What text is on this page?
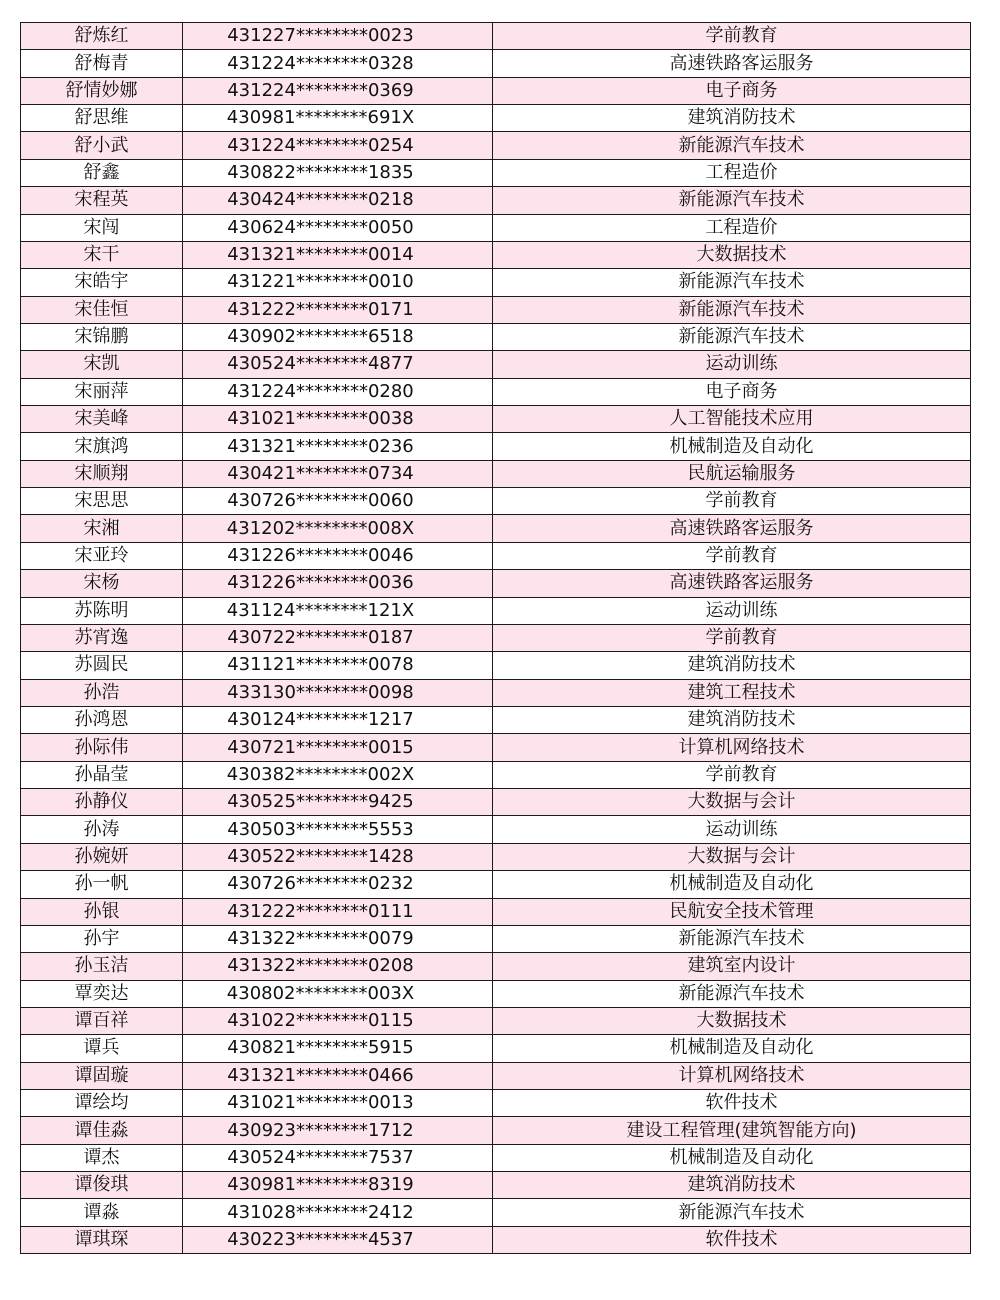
舒炼红	431227********0023	学前教育
舒梅青	431224********0328	高速铁路客运服务
舒情妙娜	431224********0369	电子商务
舒思维	430981********691X	建筑消防技术
舒小武	431224********0254	新能源汽车技术
舒鑫	430822********1835	工程造价
宋程英	430424********0218	新能源汽车技术
宋闯	430624********0050	工程造价
宋干	431321********0014	大数据技术
宋皓宇	431221********0010	新能源汽车技术
宋佳恒	431222********0171	新能源汽车技术
宋锦鹏	430902********6518	新能源汽车技术
宋凯	430524********4877	运动训练
宋丽萍	431224********0280	电子商务
宋美峰	431021********0038	人工智能技术应用
宋旗鸿	431321********0236	机械制造及自动化
宋顺翔	430421********0734	民航运输服务
宋思思	430726********0060	学前教育
宋湘	431202********008X	高速铁路客运服务
宋亚玲	431226********0046	学前教育
宋杨	431226********0036	高速铁路客运服务
苏陈明	431124********121X	运动训练
苏宵逸	430722********0187	学前教育
苏圆民	431121********0078	建筑消防技术
孙浩	433130********0098	建筑工程技术
孙鸿恩	430124********1217	建筑消防技术
孙际伟	430721********0015	计算机网络技术
孙晶莹	430382********002X	学前教育
孙静仪	430525********9425	大数据与会计
孙涛	430503********5553	运动训练
孙婉妍	430522********1428	大数据与会计
孙一帆	430726********0232	机械制造及自动化
孙银	431222********0111	民航安全技术管理
孙宇	431322********0079	新能源汽车技术
孙玉洁	431322********0208	建筑室内设计
覃奕达	430802********003X	新能源汽车技术
谭百祥	431022********0115	大数据技术
谭兵	430821********5915	机械制造及自动化
谭固璇	431321********0466	计算机网络技术
谭绘均	431021********0013	软件技术
谭佳淼	430923********1712	建设工程管理(建筑智能方向)
谭杰	430524********7537	机械制造及自动化
谭俊琪	430981********8319	建筑消防技术
谭淼	431028********2412	新能源汽车技术
谭琪琛	430223********4537	软件技术
